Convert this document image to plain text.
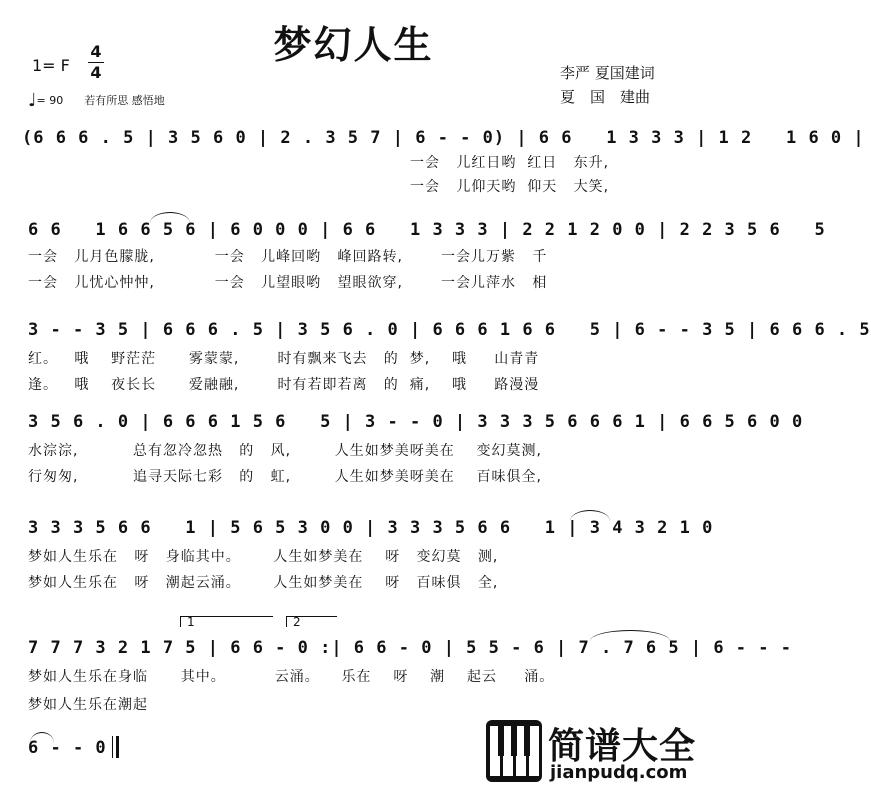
梦幻人生
1= F
4
4
♩= 90 若有所思 感悟地
李严 夏国建词
夏　国　建曲
(6 6 6 . 5 | 3 5 6 0 | 2 . 3 5 7 | 6 - - 0) | 6 6   1 3 3 3 | 1 2   1 6 0 |
一会   儿红日哟  红日   东升,
一会   儿仰天哟  仰天   大笑,
6 6   1 6 6 5 6 | 6 0 0 0 | 6 6   1 3 3 3 | 2 2 1 2 0 0 | 2 2 3 5 6   5
一会   儿月色朦胧,           一会   儿峰回哟   峰回路转,       一会儿万紫   千
一会   儿忧心忡忡,           一会   儿望眼哟   望眼欲穿,       一会儿萍水   相
3 - - 3 5 | 6 6 6 . 5 | 3 5 6 . 0 | 6 6 6 1 6 6   5 | 6 - - 3 5 | 6 6 6 . 5
红。   哦    野茫茫      雾蒙蒙,       时有飘来飞去   的  梦,    哦     山青青
逢。   哦    夜长长      爱融融,       时有若即若离   的  痛,    哦     路漫漫
3 5 6 . 0 | 6 6 6 1 5 6   5 | 3 - - 0 | 3 3 3 5 6 6 6 1 | 6 6 5 6 0 0
水淙淙,          总有忽冷忽热   的   风,        人生如梦美呀美在    变幻莫测,
行匆匆,          追寻天际七彩   的   虹,        人生如梦美呀美在    百味俱全,
3 3 3 5 6 6   1 | 5 6 5 3 0 0 | 3 3 3 5 6 6   1 | 3 4 3 2 1 0
梦如人生乐在   呀   身临其中。      人生如梦美在    呀   变幻莫   测,
梦如人生乐在   呀   潮起云涌。      人生如梦美在    呀   百味俱   全,
1	2
7 7 7 3 2 1 7 5 | 6 6 - 0 :| 6 6 - 0 | 5 5 - 6 | 7 . 7 6 5 | 6 - - -
梦如人生乐在身临      其中。         云涌。    乐在    呀    潮    起云     涌。
梦如人生乐在潮起
6 - - 0	简谱大全
jianpudq.com
